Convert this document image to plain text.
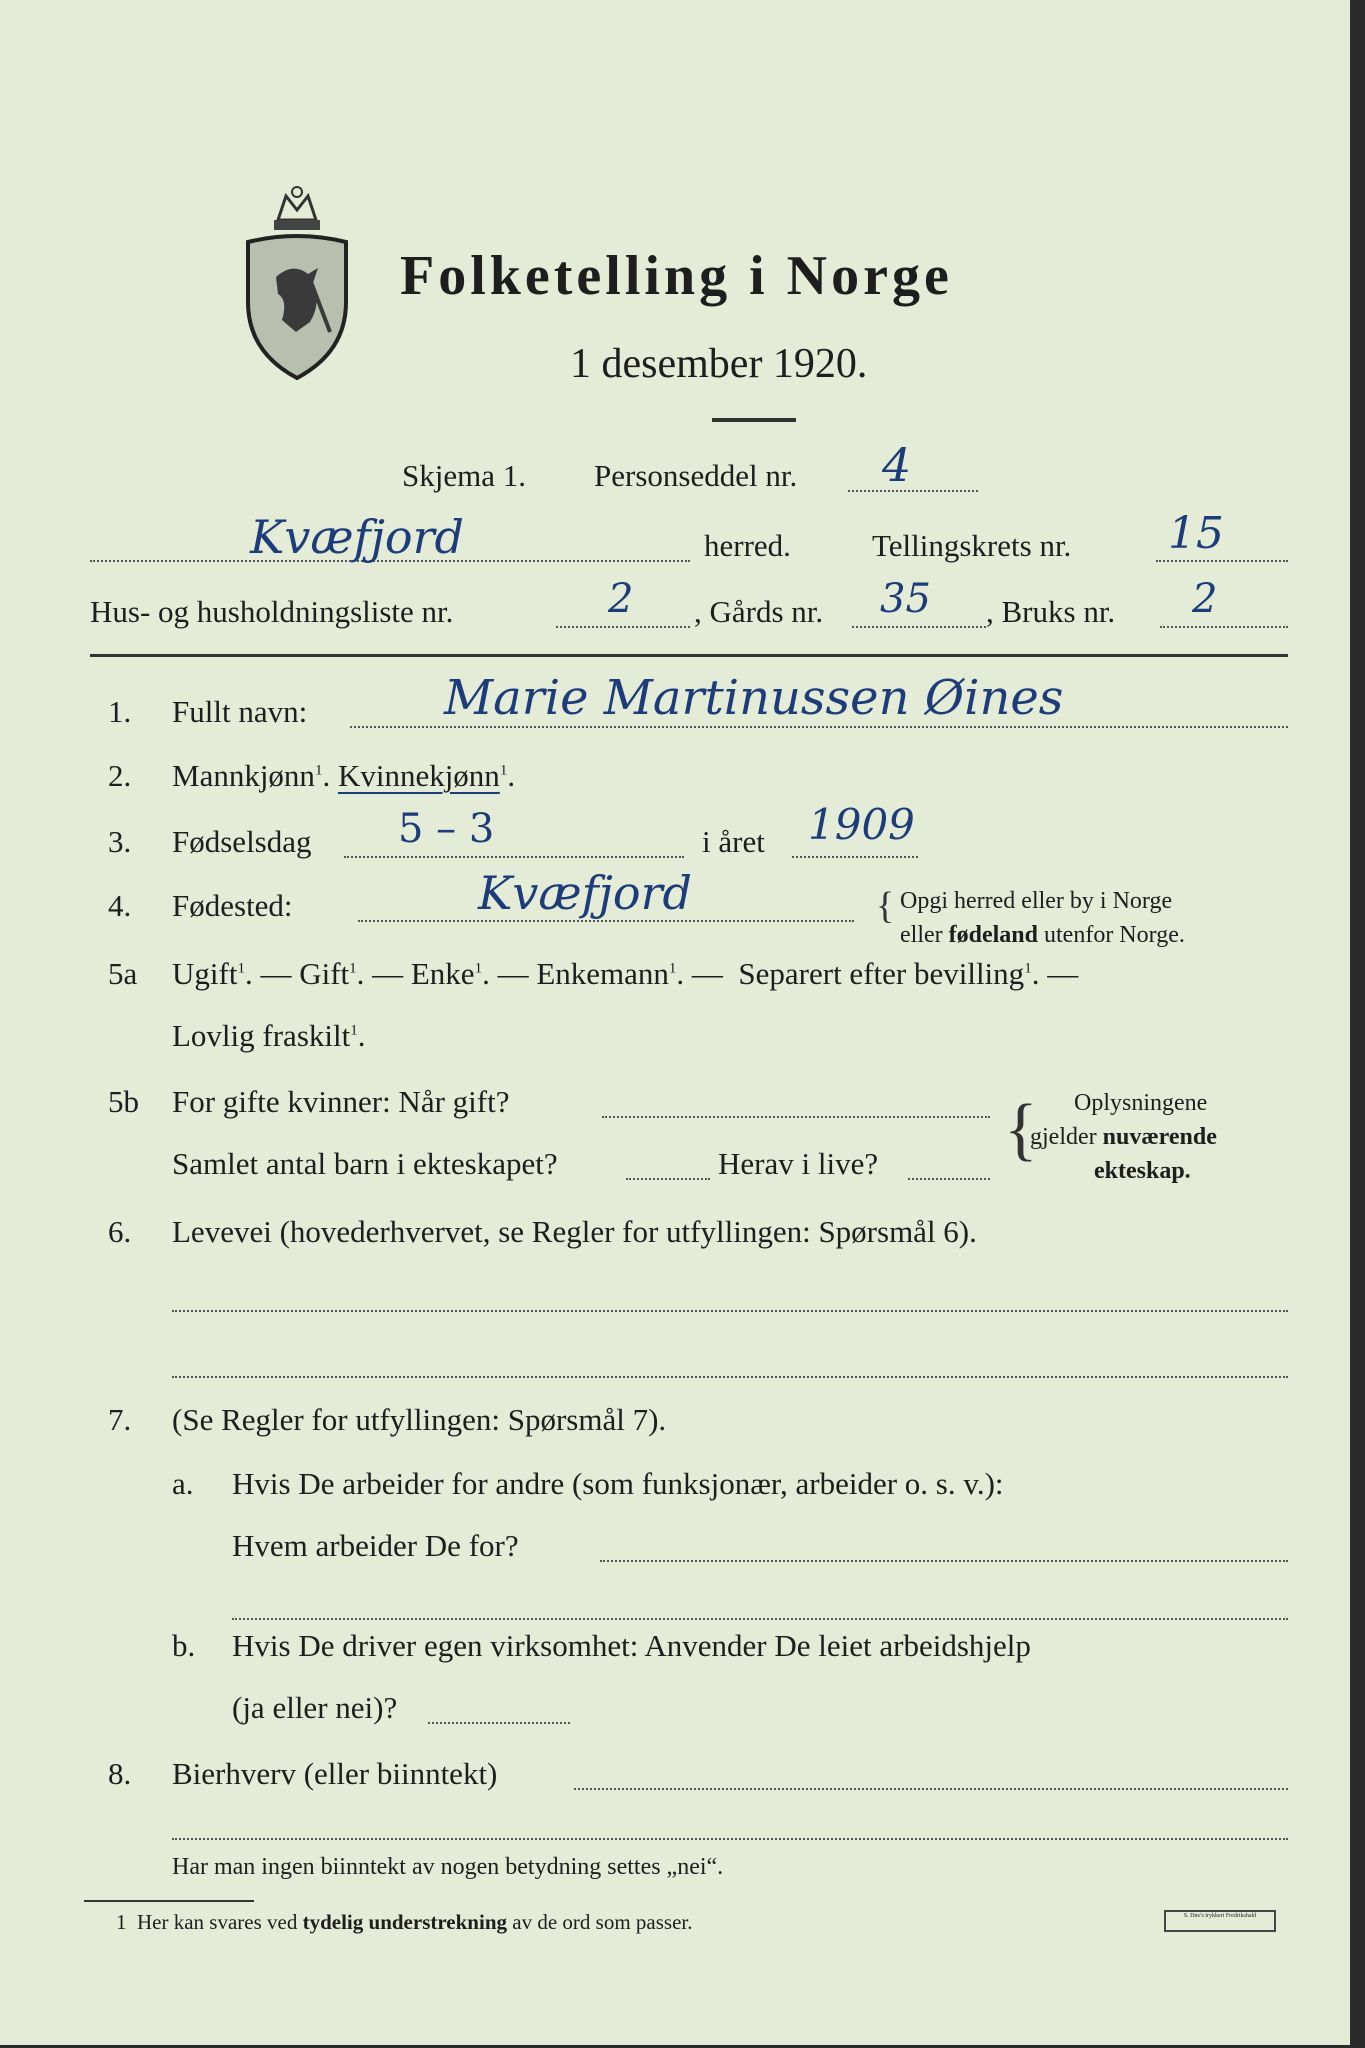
Folketelling i Norge
1 desember 1920.
Skjema 1. Personseddel nr. 4
Kvæfjord	herred.	Tellingskrets nr. 15
Hus- og husholdningsliste nr.	2 , Gårds nr. 35 , Bruks nr. 2
1. Fullt navn:	Marie Martinussen Øines
2. Mannkjønn$^1$. Kvinnekjønn$^1$.
3. Fødselsdag 5 – 3	i året 1909
4. Fødested:	Kvæfjord	{ Opgi herred eller by i Norge
eller fødeland utenfor Norge.
5a Ugift$^1$. — Gift$^1$. — Enke$^1$. — Enkemann$^1$. —  Separert efter bevilling$^1$. —
Lovlig fraskilt$^1$.
5b For gifte kvinner: Når gift?
Samlet antal barn i ekteskapet?	Herav i live? { Oplysningene
gjelder nuværende
ekteskap.
6. Levevei (hovederhvervet, se Regler for utfyllingen: Spørsmål 6).
7. (Se Regler for utfyllingen: Spørsmål 7).
a. Hvis De arbeider for andre (som funksjonær, arbeider o. s. v.):
Hvem arbeider De for?
b. Hvis De driver egen virksomhet: Anvender De leiet arbeidshjelp
(ja eller nei)?
8. Bierhverv (eller biinntekt)
Har man ingen biinntekt av nogen betydning settes „nei“.
1 Her kan svares ved tydelig understrekning av de ord som passer.	S. Døs’s trykkeri Fredrikshald
